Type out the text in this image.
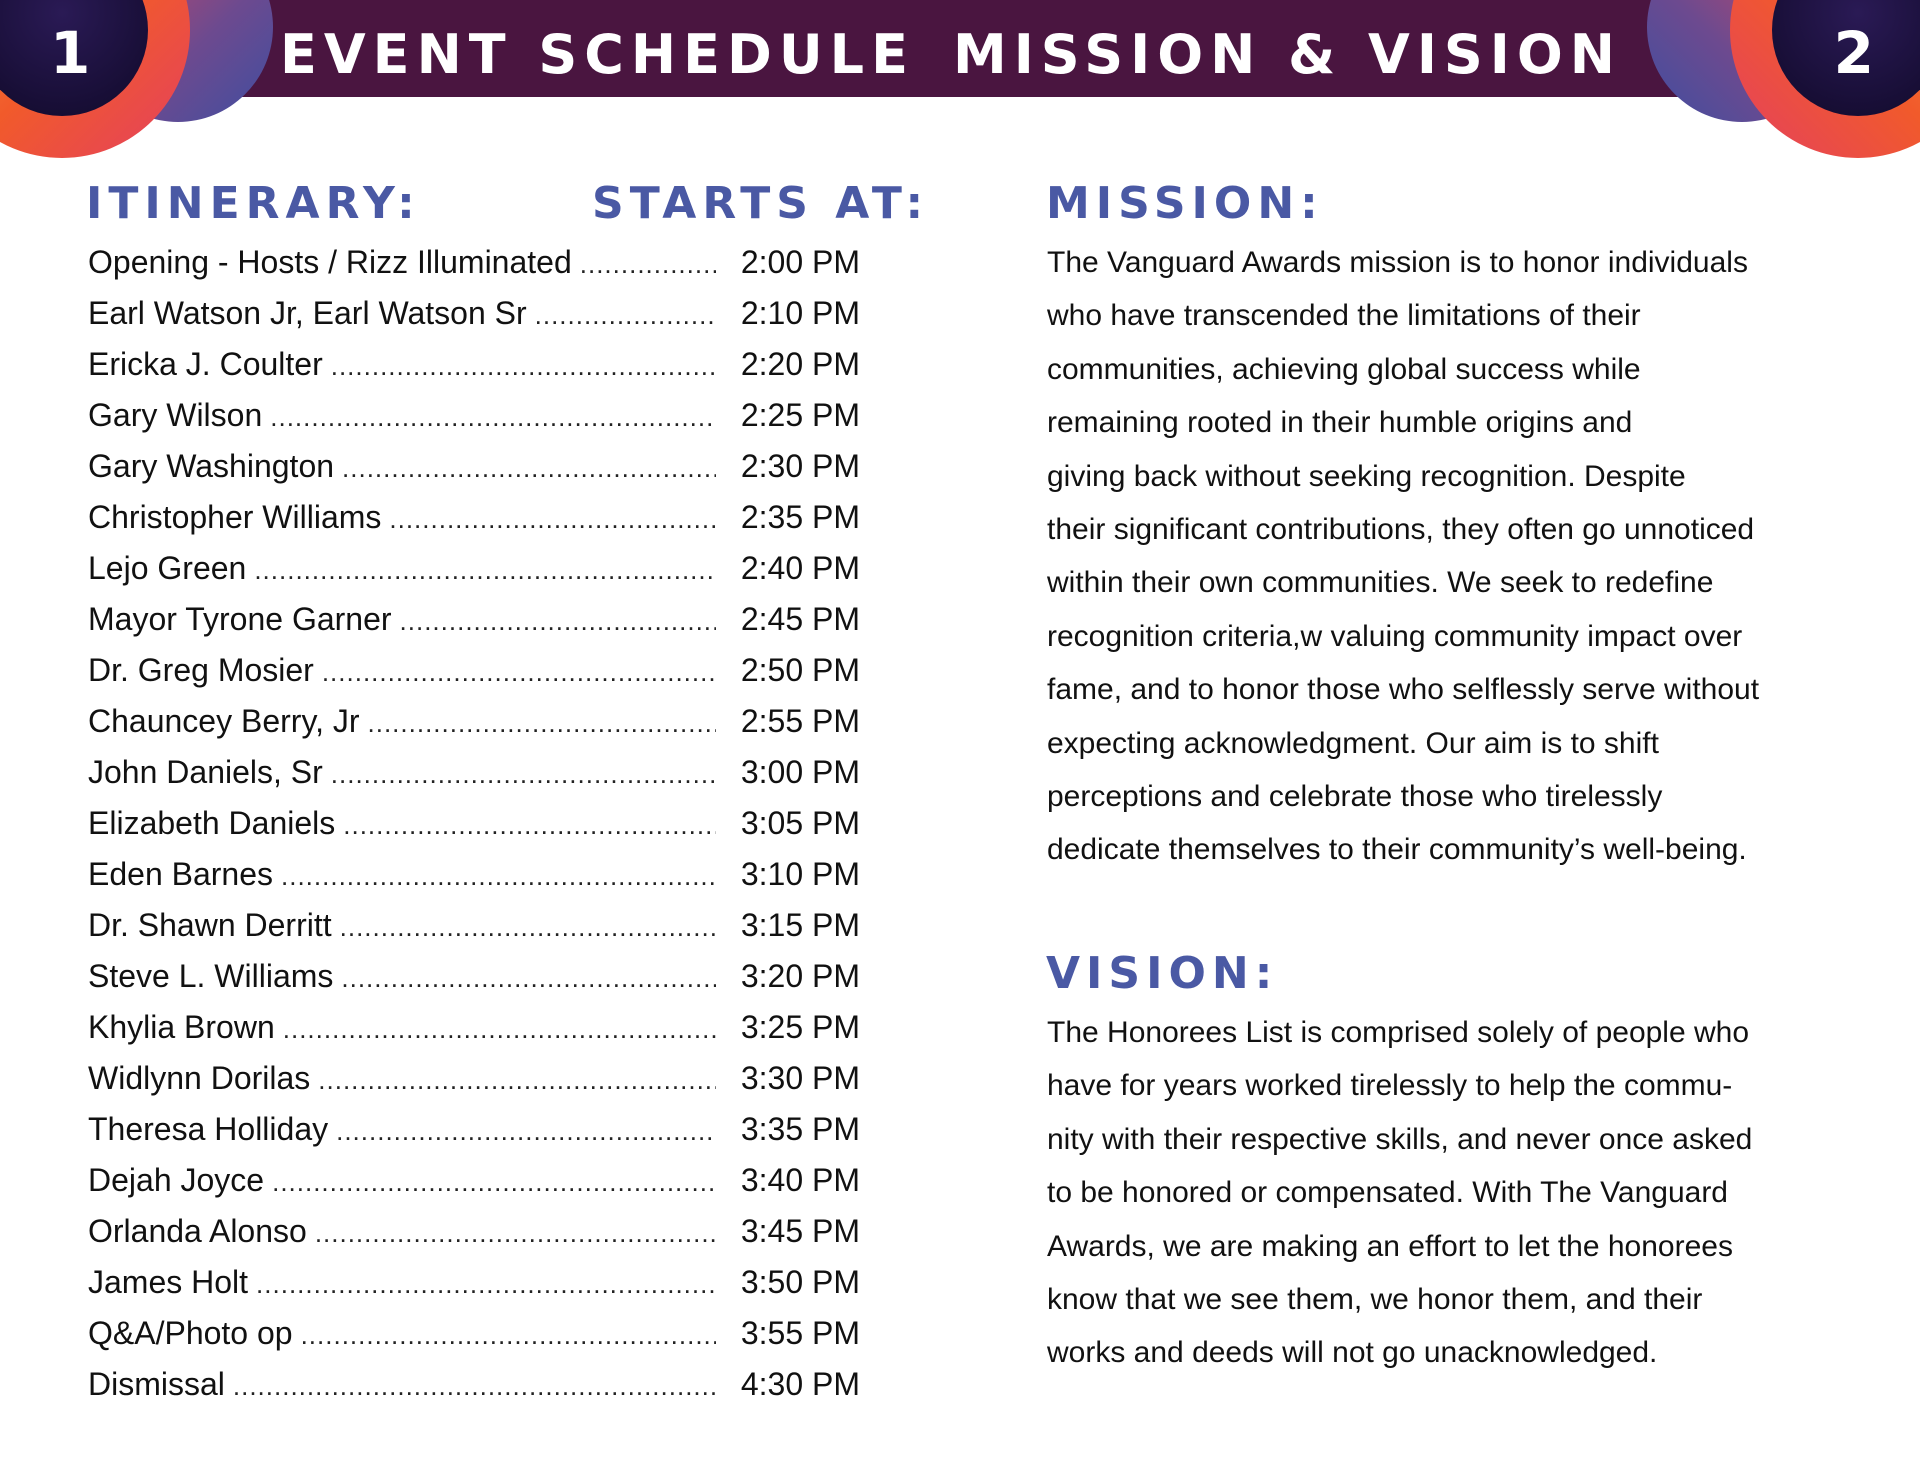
1	2
EVENT SCHEDULE MISSION & VISION
ITINERARY:	STARTS AT:
Opening - Hosts / Rizz Illuminated .....	2:00 PM
Earl Watson Jr, Earl Watson Sr .....	2:10 PM
Ericka J. Coulter .....	2:20 PM
Gary Wilson .....	2:25 PM
Gary Washington .....	2:30 PM
Christopher Williams .....	2:35 PM
Lejo Green .....	2:40 PM
Mayor Tyrone Garner .....	2:45 PM
Dr. Greg Mosier .....	2:50 PM
Chauncey Berry, Jr .....	2:55 PM
John Daniels, Sr .....	3:00 PM
Elizabeth Daniels .....	3:05 PM
Eden Barnes .....	3:10 PM
Dr. Shawn Derritt .....	3:15 PM
Steve L. Williams .....	3:20 PM
Khylia Brown .....	3:25 PM
Widlynn Dorilas .....	3:30 PM
Theresa Holliday .....	3:35 PM
Dejah Joyce .....	3:40 PM
Orlanda Alonso .....	3:45 PM
James Holt .....	3:50 PM
Q&A/Photo op .....	3:55 PM
Dismissal .....	4:30 PM
MISSION:

The Vanguard Awards mission is to honor individuals
who have transcended the limitations of their
communities, achieving global success while
remaining rooted in their humble origins and
giving back without seeking recognition. Despite
their significant contributions, they often go unnoticed
within their own communities. We seek to redefine
recognition criteria,w valuing community impact over
fame, and to honor those who selflessly serve without
expecting acknowledgment. Our aim is to shift
perceptions and celebrate those who tirelessly
dedicate themselves to their community’s well-being.

VISION:

The Honorees List is comprised solely of people who
have for years worked tirelessly to help the commu-
nity with their respective skills, and never once asked
to be honored or compensated. With The Vanguard
Awards, we are making an effort to let the honorees
know that we see them, we honor them, and their
works and deeds will not go unacknowledged.
